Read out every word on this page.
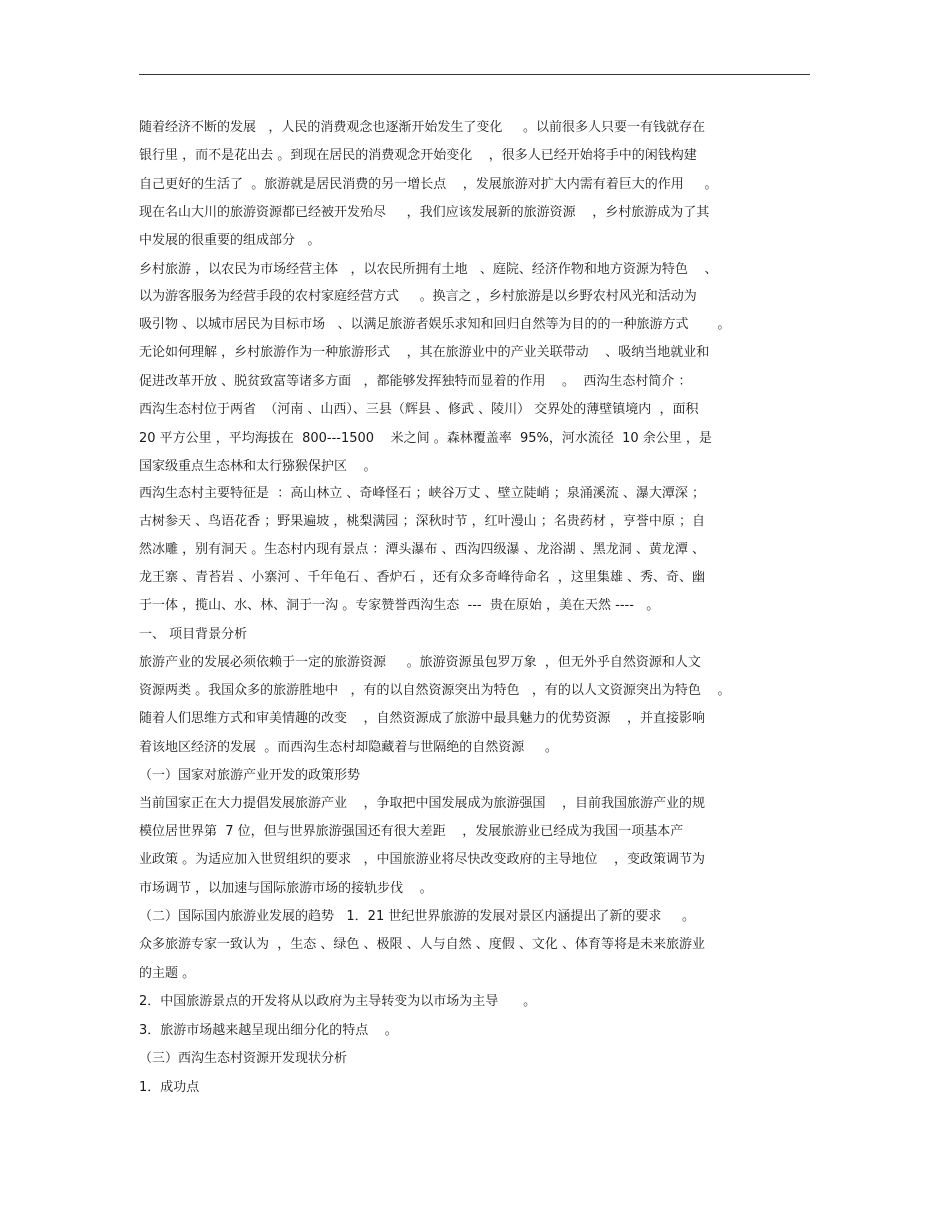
随着经济不断的发展   ，人民的消费观念也逐渐开始发生了变化     。以前很多人只要一有钱就存在
银行里 ，而不是花出去 。到现在居民的消费观念开始变化    ，很多人已经开始将手中的闲钱构建
自己更好的生活了  。旅游就是居民消费的另一增长点    ，发展旅游对扩大内需有着巨大的作用     。
现在名山大川的旅游资源都已经被开发殆尽     ，我们应该发展新的旅游资源    ，乡村旅游成为了其
中发展的很重要的组成部分   。
乡村旅游 ，以农民为市场经营主体   ，以农民所拥有土地   、庭院、经济作物和地方资源为特色    、
以为游客服务为经营手段的农村家庭经营方式     。换言之 ，乡村旅游是以乡野农村风光和活动为
吸引物 、以城市居民为目标市场   、以满足旅游者娱乐求知和回归自然等为目的的一种旅游方式       。
无论如何理解 ，乡村旅游作为一种旅游形式    ，其在旅游业中的产业关联带动    、吸纳当地就业和
促进改革开放 、脱贫致富等诸多方面   ，都能够发挥独特而显着的作用    。  西沟生态村简介 ：
西沟生态村位于两省  （河南 、山西）、三县（辉县 、修武 、陵川） 交界处的薄壁镇境内  ，面积
20 平方公里 ，平均海拔在  800---1500    米之间 。森林覆盖率  95%，河水流径  10 余公里 ，是
国家级重点生态林和太行猕猴保护区    。
西沟生态村主要特征是  ：高山林立 、奇峰怪石 ；峡谷万丈 、壁立陡峭 ；泉涌溪流 、瀑大潭深 ；
古树参天 、鸟语花香 ；野果遍坡 ，桃梨满园 ；深秋时节 ，红叶漫山 ；名贵药材 ，亨誉中原 ；自
然冰雕 ，别有洞天 。生态村内现有景点 ：潭头瀑布 、西沟四级瀑 、龙浴湖 、黑龙洞 、黄龙潭 、
龙王寨 、青苔岩 、小寨河 、千年龟石 、香炉石 ，还有众多奇峰待命名  ，这里集雄 、秀、奇、幽
于一体 ，揽山、水、林、洞于一沟 。专家赞誉西沟生态  ---  贵在原始 ，美在天然 ----   。
一、 项目背景分析
旅游产业的发展必须依赖于一定的旅游资源     。旅游资源虽包罗万象  ，但无外乎自然资源和人文
资源两类 。我国众多的旅游胜地中   ，有的以自然资源突出为特色   ，有的以人文资源突出为特色    。
随着人们思维方式和审美情趣的改变    ，自然资源成了旅游中最具魅力的优势资源    ，并直接影响
着该地区经济的发展  。而西沟生态村却隐藏着与世隔绝的自然资源     。
（一）国家对旅游产业开发的政策形势
当前国家正在大力提倡发展旅游产业    ，争取把中国发展成为旅游强国    ，目前我国旅游产业的规
模位居世界第  7 位，但与世界旅游强国还有很大差距    ，发展旅游业已经成为我国一项基本产
业政策 。为适应加入世贸组织的要求   ，中国旅游业将尽快改变政府的主导地位    ，变政策调节为
市场调节 ，以加速与国际旅游市场的接轨步伐    。
（二）国际国内旅游业发展的趋势   1．21 世纪世界旅游的发展对景区内涵提出了新的要求     。
众多旅游专家一致认为  ，生态 、绿色 、极限 、人与自然 、度假 、文化 、体育等将是未来旅游业
的主题 。
2．中国旅游景点的开发将从以政府为主导转变为以市场为主导      。
3．旅游市场越来越呈现出细分化的特点    。
（三）西沟生态村资源开发现状分析
1．成功点
